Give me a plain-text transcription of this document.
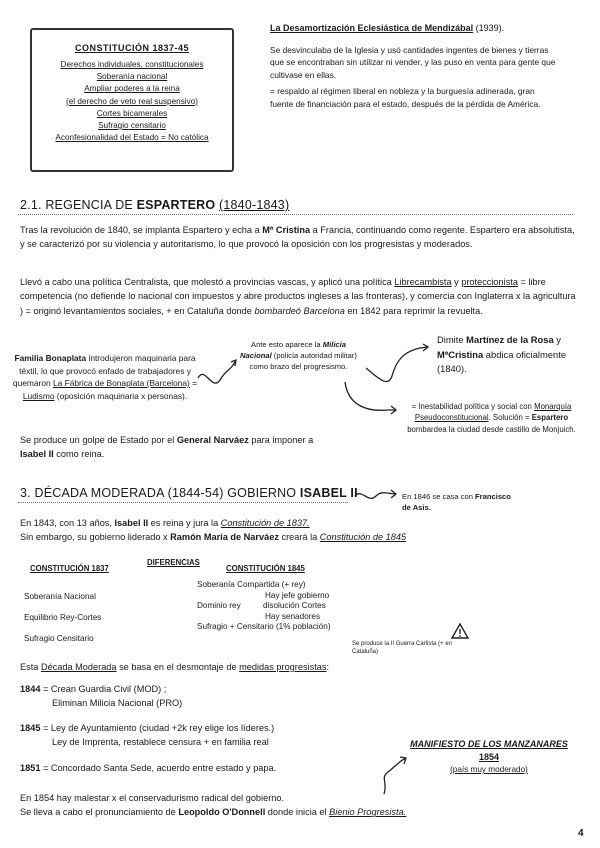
CONSTITUCIÓN 1837-45
Derechos individuales, constitucionales
Soberanía nacional
Ampliar poderes a la reina
(el derecho de veto real suspensivo)
Cortes bicamerales
Sufragio censitario
Aconfesionalidad del Estado = No católica
La Desamortización Eclesiástica de Mendizábal (1939).
Se desvinculaba de la Iglesia y usó cantidades ingentes de bienes y tierras que se encontraban sin utilizar ni vender, y las puso en venta para gente que cultivase en ellas.
= respaldo al régimen liberal en nobleza y la burguesía adinerada, gran fuente de financiación para el estado, después de la pérdida de América.
2.1. REGENCIA DE ESPARTERO (1840-1843)
Tras la revolución de 1840, se implanta Espartero y echa a Mª Cristina a Francia, continuando como regente. Espartero era absolutista, y se caracterizó por su violencia y autoritarismo, lo que provocó la oposición con los progresistas y moderados.
Llevó a cabo una política Centralista, que molestó a provincias vascas, y aplicó una política Librecambista y proteccionista = libre competencia (no defiende lo nacional con impuestos y abre productos ingleses a las fronteras), y comercia con Inglaterra x la agricultura ) = originó levantamientos sociales, + en Cataluña donde bombardeó Barcelona en 1842 para reprimir la revuelta.
Familia Bonaplata introdujeron maquinaria para téxtil, lo que provocó enfado de trabajadores y quemaron La Fábrica de Bonaplata (Barcelona) = Ludismo (oposición maquinaria x personas).
Ante esto aparece la Milicia Nacional (policía autoridad militar) como brazo del progresismo.
Dimite Martínez de la Rosa y MªCristina abdica oficialmente (1840).
= Inestabilidad política y social con Monarquía Pseudoconstitucional. Solución = Espartero bombardea la ciudad desde castillo de Monjuich.
Se produce un golpe de Estado por el General Narváez para imponer a Isabel II como reina.
3. DÉCADA MODERADA (1844-54) GOBIERNO ISABEL II	En 1846 se casa con Francisco de Asis.
En 1843, con 13 años, Isabel II es reina y jura la Constitución de 1837.
Sin embargo, su gobierno liderado x Ramón María de Narváez creará la Constitución de 1845
CONSTITUCIÓN 1837
DIFERENCIAS
CONSTITUCIÓN 1845
Soberanía Nacional
Equilibrio Rey-Cortes
Sufragio Censitario
Soberanía Compartida (+ rey)
Hay jefe gobierno
Dominio rey	disolución Cortes
Hay senadores
Sufragio + Censitario (1% población)
Se produce la II Guerra Carlista (+ en Cataluña)
Esta Década Moderada se basa en el desmontaje de medidas progresistas:
1844 = Crean Guardia Civil (MOD) ;
Eliminan Milicia Nacional (PRO)
1845 = Ley de Ayuntamiento (ciudad +2k rey elige los líderes.)
Ley de Imprenta, restablece censura + en familia real
1851 = Concordado Santa Sede, acuerdo entre estado y papa.
MANIFIESTO DE LOS MANZANARES
1854
(país muy moderado)
En 1854 hay malestar x el conservadurismo radical del gobierno.
Se lleva a cabo el pronunciamiento de Leopoldo O'Donnell donde inicia el Bienio Progresista.
4
